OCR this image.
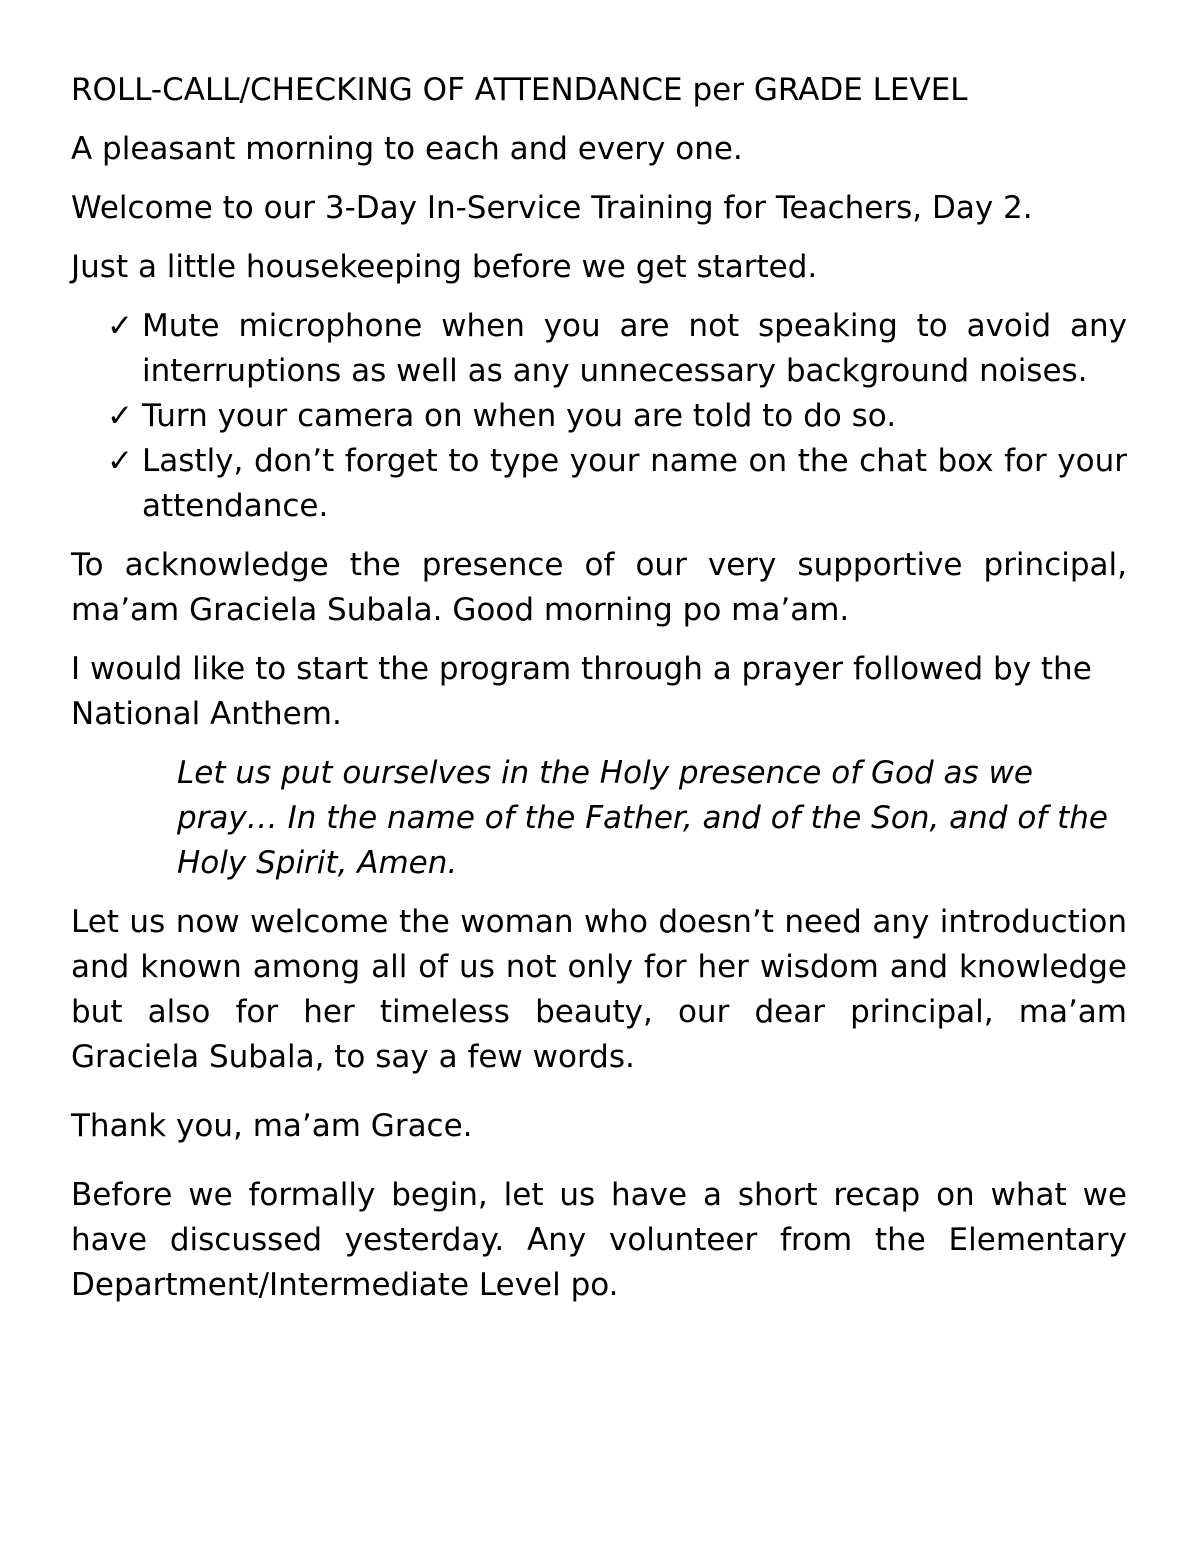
ROLL-CALL/CHECKING OF ATTENDANCE per GRADE LEVEL

A pleasant morning to each and every one.

Welcome to our 3-Day In-Service Training for Teachers, Day 2.

Just a little housekeeping before we get started.

✓ Mute microphone when you are not speaking to avoid any interruptions as well as any unnecessary background noises.
✓ Turn your camera on when you are told to do so.
✓ Lastly, don’t forget to type your name on the chat box for your attendance.

To acknowledge the presence of our very supportive principal, ma’am Graciela Subala. Good morning po ma’am.

I would like to start the program through a prayer followed by the National Anthem.

Let us put ourselves in the Holy presence of God as we pray… In the name of the Father, and of the Son, and of the Holy Spirit, Amen.

Let us now welcome the woman who doesn’t need any introduction and known among all of us not only for her wisdom and knowledge but also for her timeless beauty, our dear principal, ma’am Graciela Subala, to say a few words.

Thank you, ma’am Grace.

Before we formally begin, let us have a short recap on what we have discussed yesterday. Any volunteer from the Elementary Department/Intermediate Level po.
